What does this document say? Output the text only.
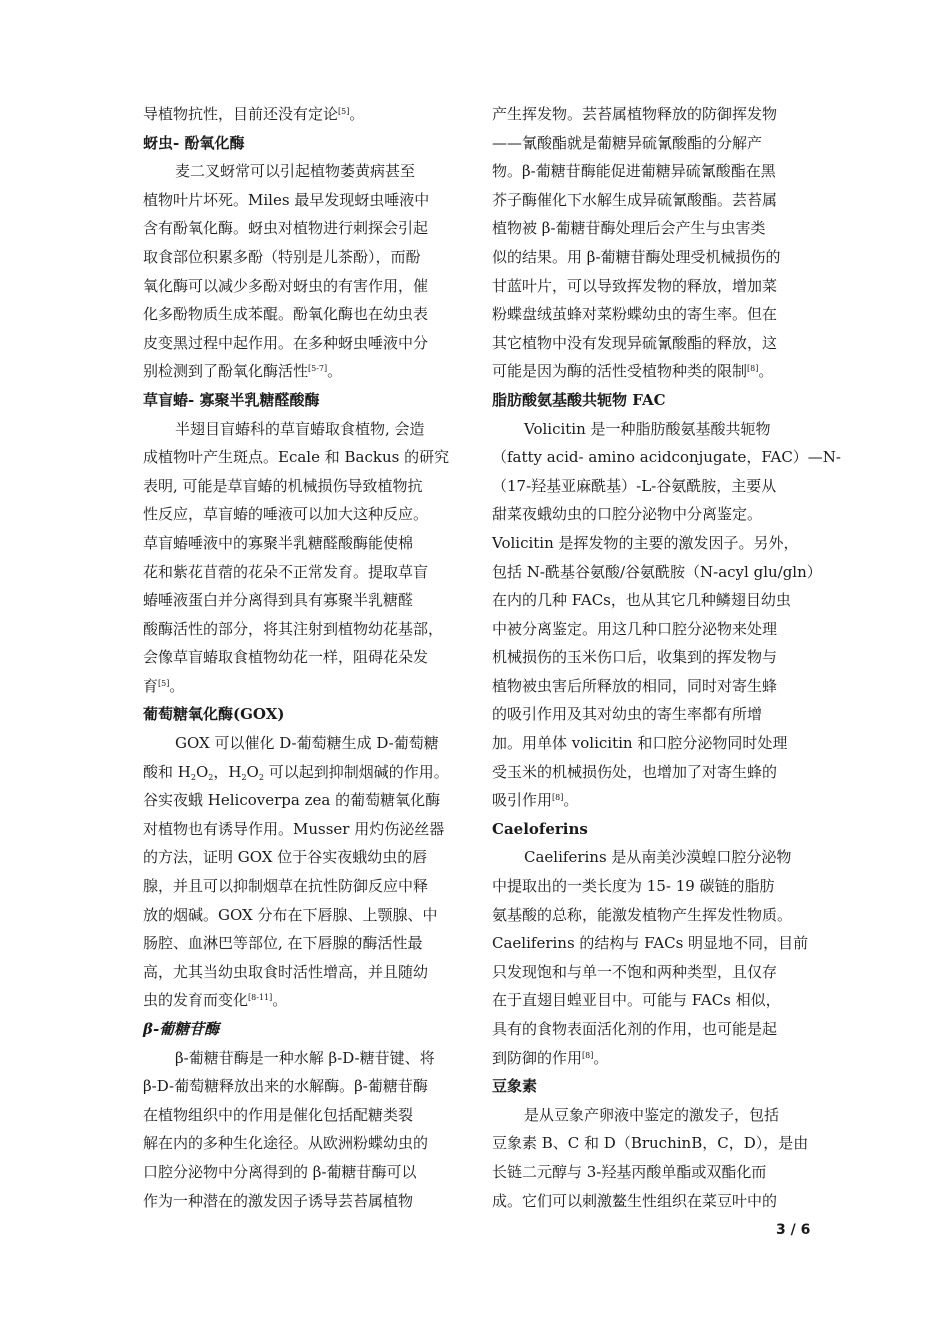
导植物抗性，目前还没有定论[5]。
蚜虫- 酚氧化酶
麦二叉蚜常可以引起植物萎黄病甚至
植物叶片坏死。Miles 最早发现蚜虫唾液中
含有酚氧化酶。蚜虫对植物进行刺探会引起
取食部位积累多酚（特别是儿茶酚），而酚
氧化酶可以减少多酚对蚜虫的有害作用，催
化多酚物质生成苯醌。酚氧化酶也在幼虫表
皮变黑过程中起作用。在多种蚜虫唾液中分
别检测到了酚氧化酶活性[5-7]。
草盲蝽- 寡聚半乳糖醛酸酶
半翅目盲蝽科的草盲蝽取食植物, 会造
成植物叶产生斑点。Ecale 和 Backus 的研究
表明, 可能是草盲蝽的机械损伤导致植物抗
性反应，草盲蝽的唾液可以加大这种反应。
草盲蝽唾液中的寡聚半乳糖醛酸酶能使棉
花和紫花苜蓿的花朵不正常发育。提取草盲
蝽唾液蛋白并分离得到具有寡聚半乳糖醛
酸酶活性的部分，将其注射到植物幼花基部，
会像草盲蝽取食植物幼花一样，阻碍花朵发
育[5]。
葡萄糖氧化酶(GOX)
GOX 可以催化 D-葡萄糖生成 D-葡萄糖
酸和 $H_2O_2$，$H_2O_2$ 可以起到抑制烟碱的作用。
谷实夜蛾 Helicoverpa zea 的葡萄糖氧化酶
对植物也有诱导作用。Musser 用灼伤泌丝器
的方法，证明 GOX 位于谷实夜蛾幼虫的唇
腺，并且可以抑制烟草在抗性防御反应中释
放的烟碱。GOX 分布在下唇腺、上颚腺、中
肠腔、血淋巴等部位, 在下唇腺的酶活性最
高，尤其当幼虫取食时活性增高，并且随幼
虫的发育而变化[8-11]。
β-葡糖苷酶
β-葡糖苷酶是一种水解 β-D-糖苷键、将
β-D-葡萄糖释放出来的水解酶。β-葡糖苷酶
在植物组织中的作用是催化包括配糖类裂
解在内的多种生化途径。从欧洲粉蝶幼虫的
口腔分泌物中分离得到的 β-葡糖苷酶可以
作为一种潜在的激发因子诱导芸苔属植物
产生挥发物。芸苔属植物释放的防御挥发物
——氰酸酯就是葡糖异硫氰酸酯的分解产
物。β-葡糖苷酶能促进葡糖异硫氰酸酯在黑
芥子酶催化下水解生成异硫氰酸酯。芸苔属
植物被 β-葡糖苷酶处理后会产生与虫害类
似的结果。用 β-葡糖苷酶处理受机械损伤的
甘蓝叶片，可以导致挥发物的释放，增加菜
粉蝶盘绒茧蜂对菜粉蝶幼虫的寄生率。但在
其它植物中没有发现异硫氰酸酯的释放，这
可能是因为酶的活性受植物种类的限制[8]。
脂肪酸氨基酸共轭物 FAC
Volicitin 是一种脂肪酸氨基酸共轭物
（fatty acid- amino acidconjugate，FAC）—N-
（17-羟基亚麻酰基）-L-谷氨酰胺，主要从
甜菜夜蛾幼虫的口腔分泌物中分离鉴定。
Volicitin 是挥发物的主要的激发因子。另外，
包括 N-酰基谷氨酸/谷氨酰胺（N-acyl glu/gln）
在内的几种 FACs，也从其它几种鳞翅目幼虫
中被分离鉴定。用这几种口腔分泌物来处理
机械损伤的玉米伤口后，收集到的挥发物与
植物被虫害后所释放的相同，同时对寄生蜂
的吸引作用及其对幼虫的寄生率都有所增
加。用单体 volicitin 和口腔分泌物同时处理
受玉米的机械损伤处，也增加了对寄生蜂的
吸引作用[8]。
Caeloferins
Caeliferins 是从南美沙漠蝗口腔分泌物
中提取出的一类长度为 15- 19 碳链的脂肪
氨基酸的总称，能激发植物产生挥发性物质。
Caeliferins 的结构与 FACs 明显地不同，目前
只发现饱和与单一不饱和两种类型，且仅存
在于直翅目蝗亚目中。可能与 FACs 相似，
具有的食物表面活化剂的作用，也可能是起
到防御的作用[8]。
豆象素
是从豆象产卵液中鉴定的激发子，包括
豆象素 B、C 和 D（BruchinB，C，D），是由
长链二元醇与 3-羟基丙酸单酯或双酯化而
成。它们可以刺激鳌生性组织在菜豆叶中的
3 / 6
